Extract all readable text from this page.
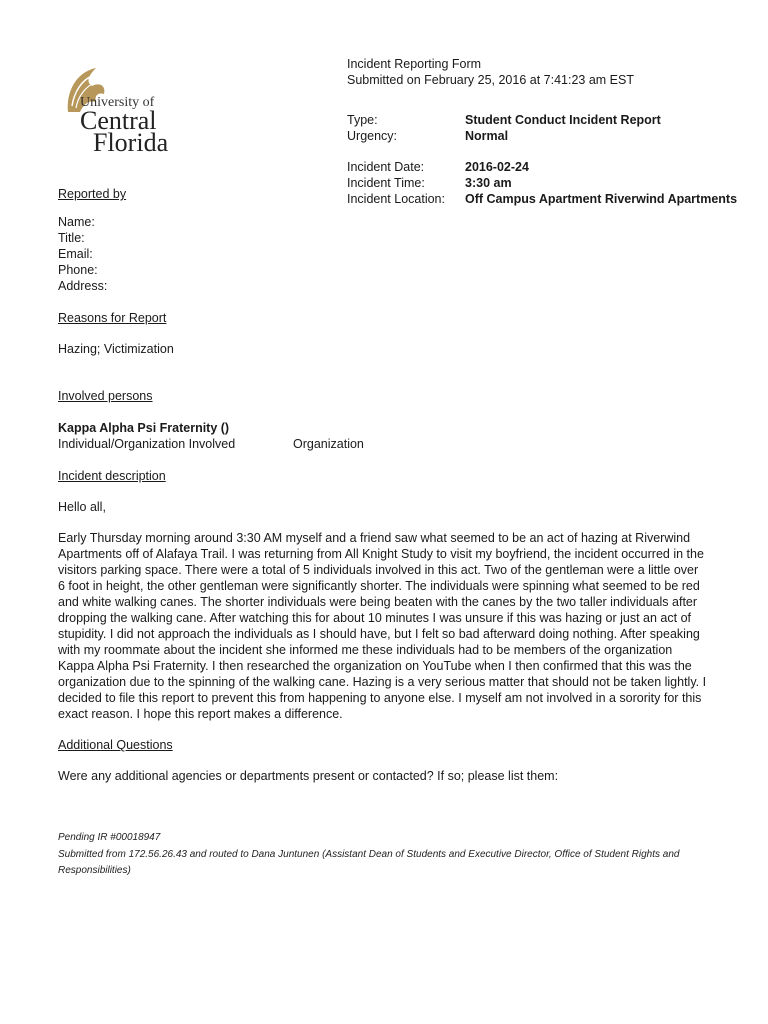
University of
Central
Florida
Incident Reporting Form
Submitted on February 25, 2016 at 7:41:23 am EST
Type:	Student Conduct Incident Report
Urgency:	Normal
Incident Date:	2016-02-24
Incident Time:	3:30 am
Incident Location:	Off Campus Apartment Riverwind Apartments
Reported by
Name:
Title:
Email:
Phone:
Address:
Reasons for Report
Hazing; Victimization
Involved persons
Kappa Alpha Psi Fraternity ()
Individual/Organization Involved	Organization
Incident description
Hello all,
Early Thursday morning around 3:30 AM myself and a friend saw what seemed to be an act of hazing at Riverwind
Apartments off of Alafaya Trail. I was returning from All Knight Study to visit my boyfriend, the incident occurred in the
visitors parking space. There were a total of 5 individuals involved in this act. Two of the gentleman were a little over
6 foot in height, the other gentleman were significantly shorter. The individuals were spinning what seemed to be red
and white walking canes. The shorter individuals were being beaten with the canes by the two taller individuals after
dropping the walking cane. After watching this for about 10 minutes I was unsure if this was hazing or just an act of
stupidity. I did not approach the individuals as I should have, but I felt so bad afterward doing nothing. After speaking
with my roommate about the incident she informed me these individuals had to be members of the organization
Kappa Alpha Psi Fraternity. I then researched the organization on YouTube when I then confirmed that this was the
organization due to the spinning of the walking cane. Hazing is a very serious matter that should not be taken lightly. I
decided to file this report to prevent this from happening to anyone else. I myself am not involved in a sorority for this
exact reason. I hope this report makes a difference.
Additional Questions
Were any additional agencies or departments present or contacted? If so; please list them:
Pending IR #00018947
Submitted from 172.56.26.43 and routed to Dana Juntunen (Assistant Dean of Students and Executive Director, Office of Student Rights and
Responsibilities)
